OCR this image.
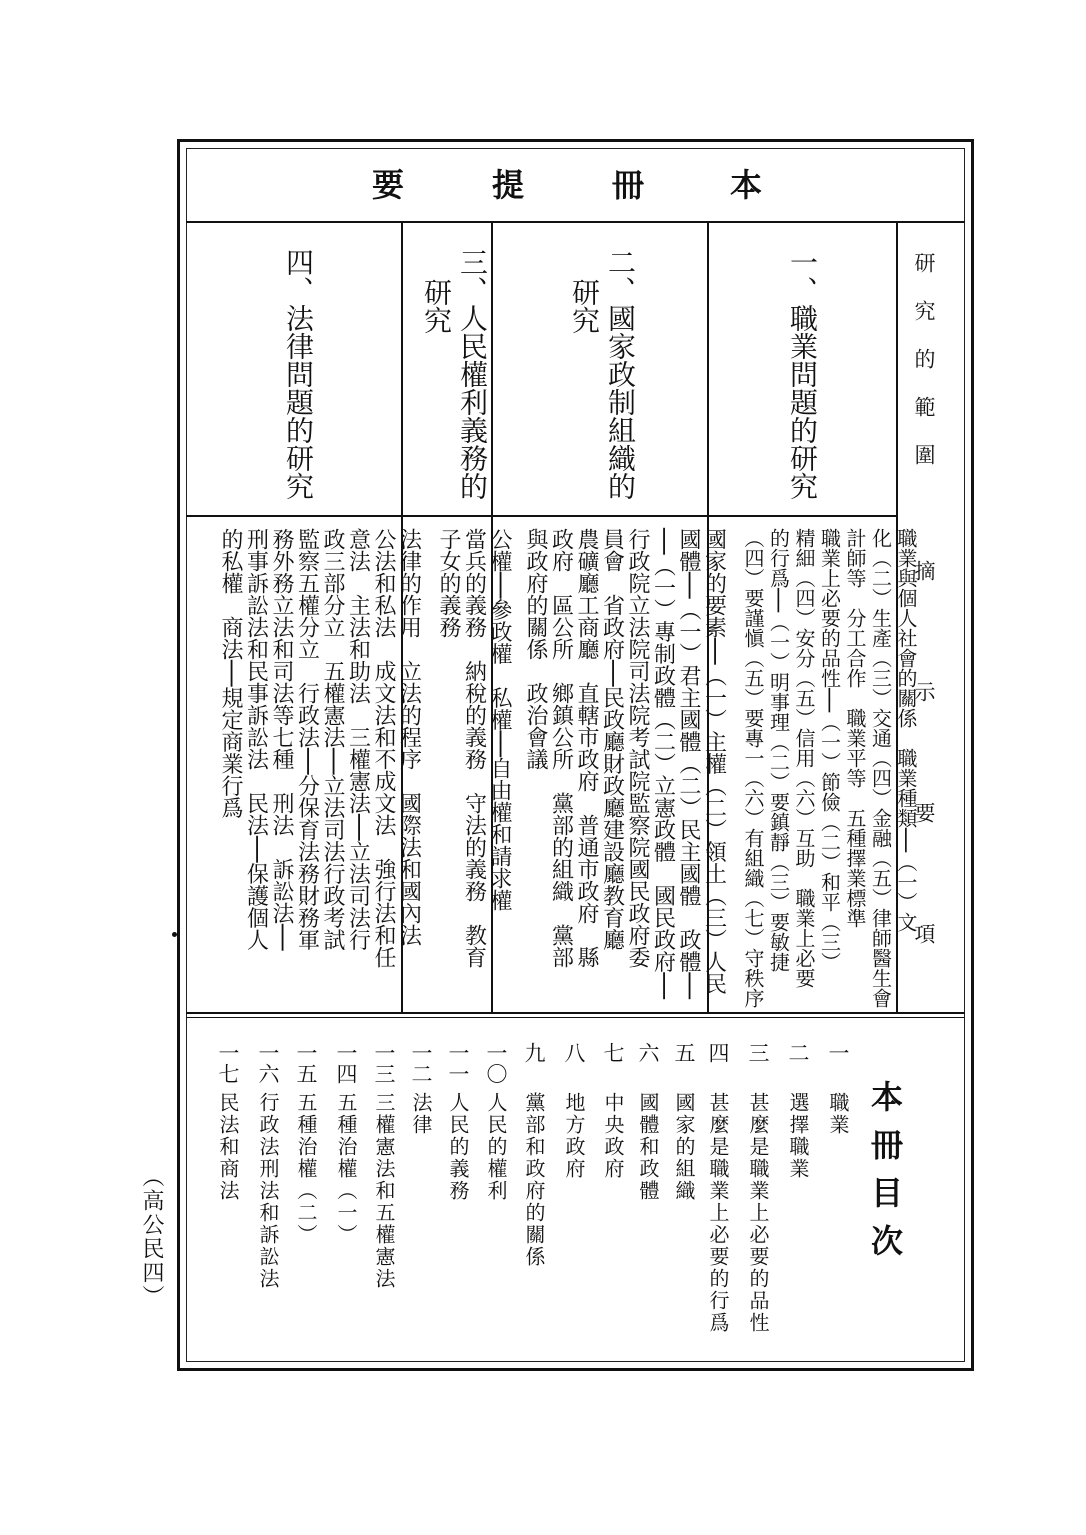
要	提	冊	本
研究的範圍
摘示要項
一、職業問題的研究
二、國家政制組織的
研究
三、人民權利義務的
研究
四、法律問題的研究

職業與個人社會的關係　職業種類──（一）文
化（二）生產（三）交通（四）金融（五）律師醫生會
計師等　分工合作　職業平等　五種擇業標準
職業上必要的品性──（一）節儉（二）和平（三）
精細（四）安分（五）信用（六）互助　職業上必要
的行爲──（一）明事理（二）要鎮靜（三）要敏捷
（四）要謹愼（五）要專一（六）有組織（七）守秩序

國家的要素──（一）主權（二）領土（三）人民
國體──（一）君主國體（二）民主國體　政體──
──（一）專制政體（二）立憲政體　國民政府──
行政院立法院司法院考試院監察院國民政府委
員會　省政府──民政廳財政廳建設廳教育廳
農礦廳工商廳　直轄市政府　普通市政府　縣
政府　區公所　鄉鎮公所　黨部的組織　黨部
與政府的關係　政治會議

公權──參政權　私權──自由權和請求權
當兵的義務　納稅的義務　守法的義務　教育
子女的義務

法律的作用　立法的程序　國際法和國內法
公法和私法　成文法和不成文法　強行法和任
意法　主法和助法　三權憲法──立法司法行
政三部分立　五權憲法──立法司法行政考試
監察五權分立　行政法──分保育法務財務軍
務外務立法和司法等七種　刑法　訴訟法──
刑事訴訟法和民事訴訟法　民法──保護個人
的私權　商法──規定商業行爲

本冊目次
一
職業
二
選擇職業
三
甚麼是職業上必要的品性
四
甚麼是職業上必要的行爲
五
國家的組織
六
國體和政體
七
中央政府
八
地方政府
九
黨部和政府的關係
一〇
人民的權利
一一
人民的義務
一二
法律
一三
三權憲法和五權憲法
一四
五種治權（一）
一五
五種治權（二）
一六
行政法刑法和訴訟法
一七
民法和商法
（高公民四）
